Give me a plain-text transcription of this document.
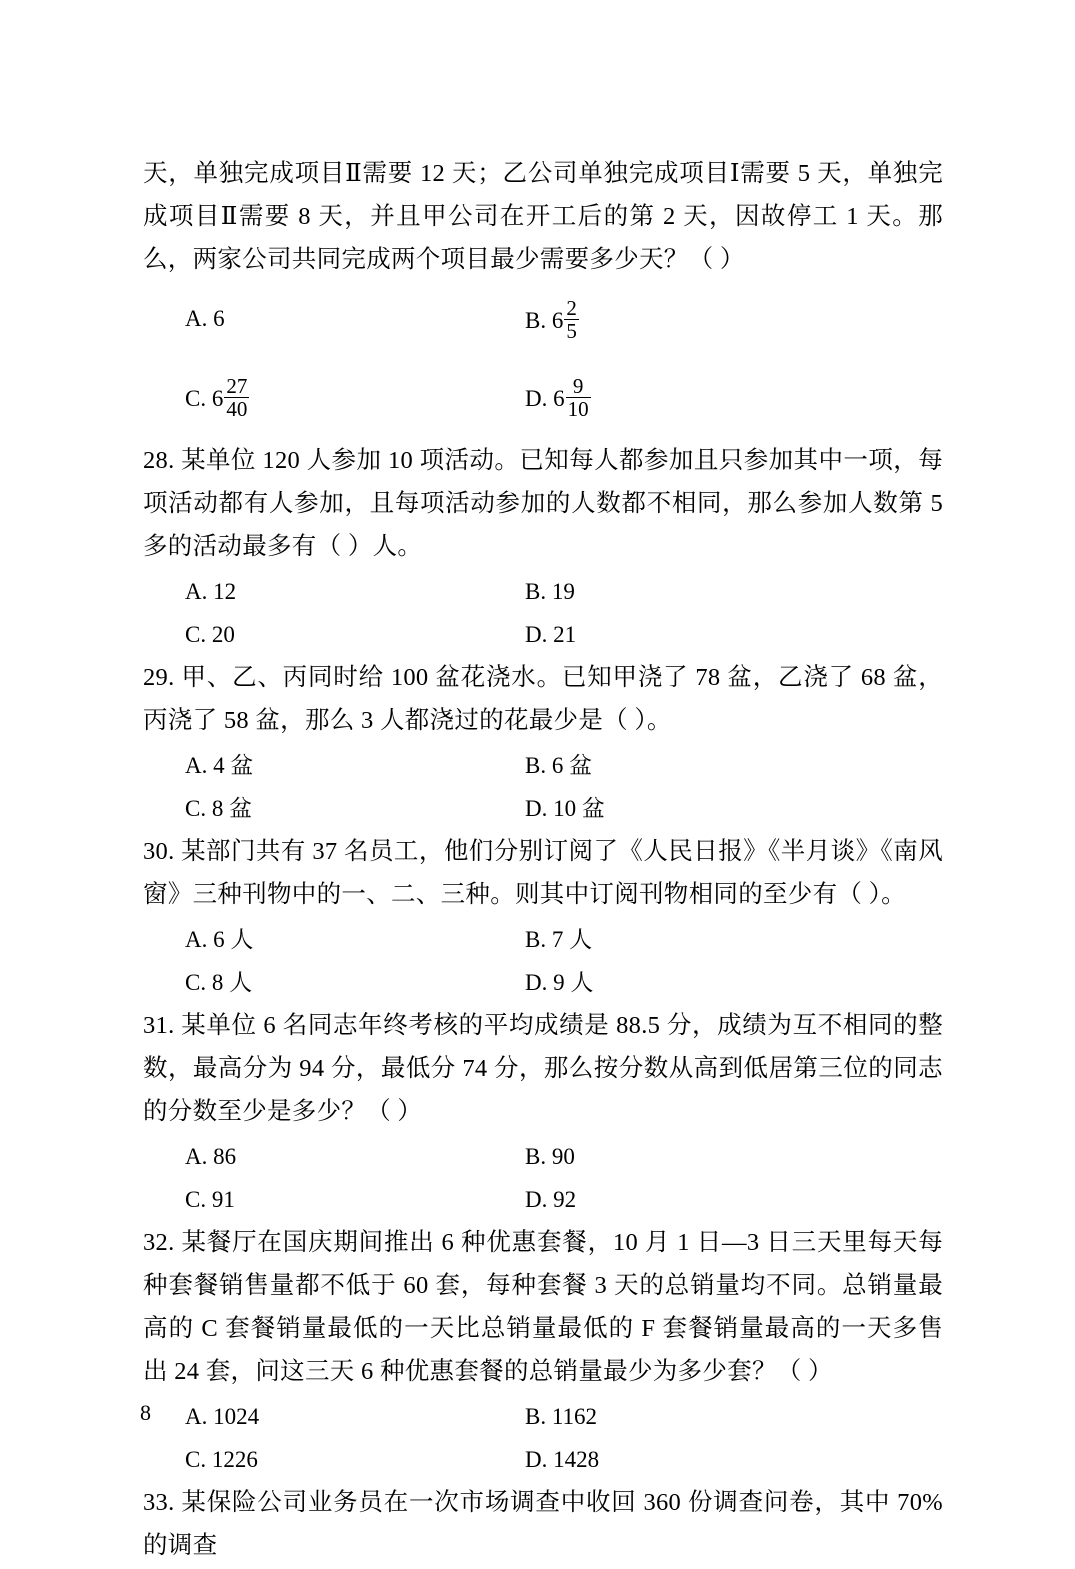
天，单独完成项目Ⅱ需要 12 天；乙公司单独完成项目Ⅰ需要 5 天，单独完成项目Ⅱ需要 8 天，并且甲公司在开工后的第 2 天，因故停工 1 天。那么，两家公司共同完成两个项目最少需要多少天？（ ）

A. 6	B. $6 \frac{2}{5}$
C. $6 \frac{27}{40}$	D. $6 \frac{9}{10}$

28. 某单位 120 人参加 10 项活动。已知每人都参加且只参加其中一项，每项活动都有人参加，且每项活动参加的人数都不相同，那么参加人数第 5 多的活动最多有（ ）人。

A. 12	B. 19
C. 20	D. 21

29. 甲、乙、丙同时给 100 盆花浇水。已知甲浇了 78 盆，乙浇了 68 盆，丙浇了 58 盆，那么 3 人都浇过的花最少是（ ）。

A. 4 盆	B. 6 盆
C. 8 盆	D. 10 盆

30. 某部门共有 37 名员工，他们分别订阅了《人民日报》《半月谈》《南风窗》三种刊物中的一、二、三种。则其中订阅刊物相同的至少有（ ）。

A. 6 人	B. 7 人
C. 8 人	D. 9 人

31. 某单位 6 名同志年终考核的平均成绩是 88.5 分，成绩为互不相同的整数，最高分为 94 分，最低分 74 分，那么按分数从高到低居第三位的同志的分数至少是多少？（ ）

A. 86	B. 90
C. 91	D. 92

32. 某餐厅在国庆期间推出 6 种优惠套餐，10 月 1 日—3 日三天里每天每种套餐销售量都不低于 60 套，每种套餐 3 天的总销量均不同。总销量最高的 C 套餐销量最低的一天比总销量最低的 F 套餐销量最高的一天多售出 24 套，问这三天 6 种优惠套餐的总销量最少为多少套？（ ）

A. 1024	B. 1162
C. 1226	D. 1428

33. 某保险公司业务员在一次市场调查中收回 360 份调查问卷，其中 70% 的调查

8
